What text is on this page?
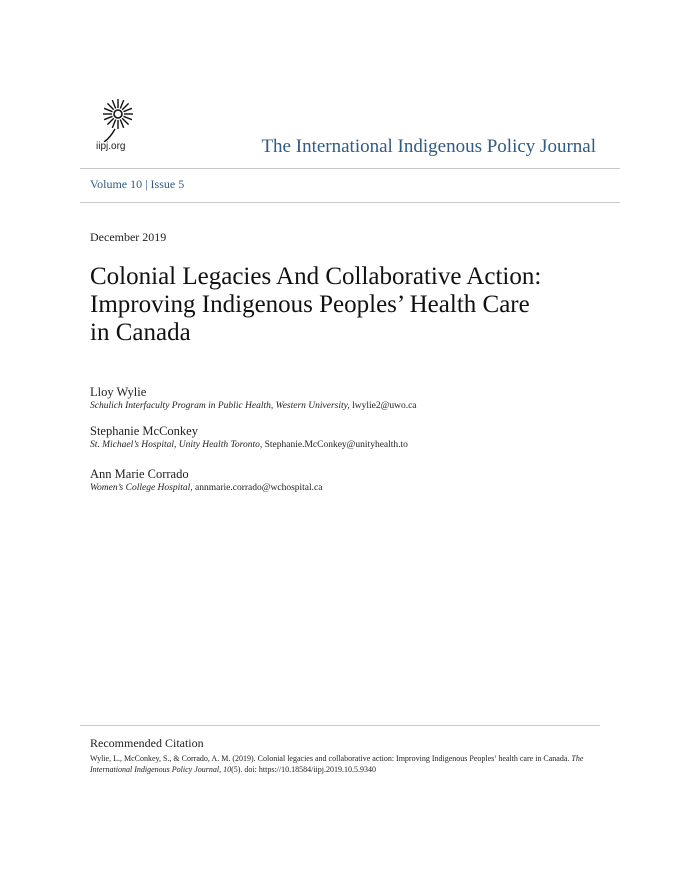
iipj.org	The International Indigenous Policy Journal
Volume 10 | Issue 5
December 2019
Colonial Legacies And Collaborative Action:
Improving Indigenous Peoples’ Health Care
in Canada
Lloy Wylie
Schulich Interfaculty Program in Public Health, Western University, lwylie2@uwo.ca
Stephanie McConkey
St. Michael’s Hospital, Unity Health Toronto, Stephanie.McConkey@unityhealth.to
Ann Marie Corrado
Women’s College Hospital, annmarie.corrado@wchospital.ca
Recommended Citation
Wylie, L., McConkey, S., & Corrado, A. M. (2019). Colonial legacies and collaborative action: Improving Indigenous Peoples’ health care in Canada. The International Indigenous Policy Journal, 10(5). doi: https://10.18584/iipj.2019.10.5.9340
